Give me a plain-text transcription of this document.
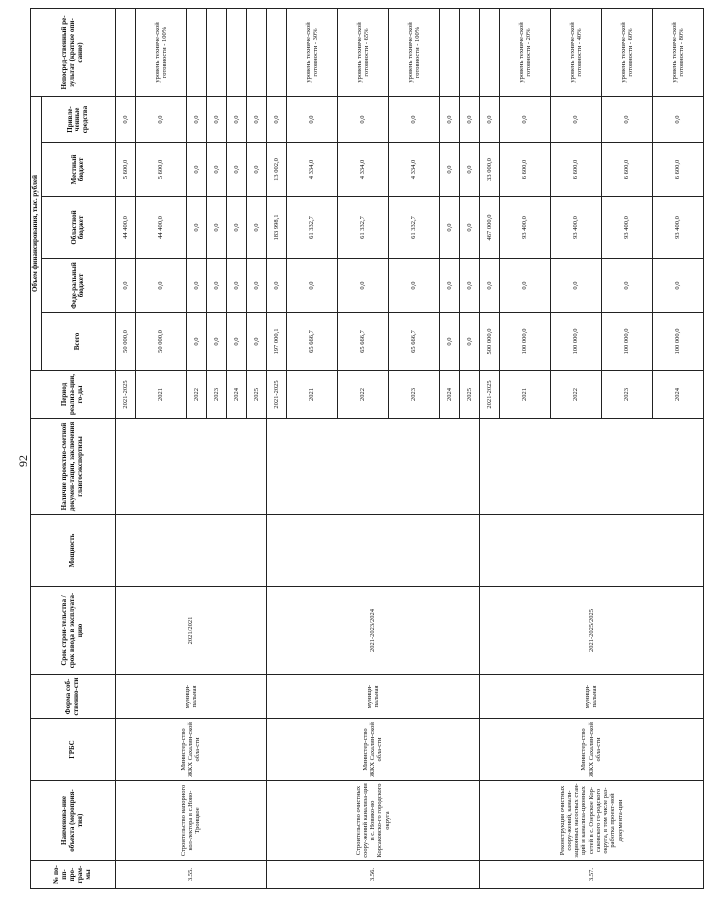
92
№ по-пп-про-грам-мы	Наименова-ние объекта (мероприя-тия)	ГРБС	Форма соб-ственно-сти	Срок строи-тельства / срок ввода в эксплуата-цию	Мощность	Наличие проектно-сметной докумен-тации, заключения главгосэкспертизы	Период реализа-ции, го-ды	Объем финансирования, тыс. рублей					Непосред-ственный ре-зультат (краткое опи-сание)
								Всего	Феде-ральный бюджет	Областной бюджет	Местный бюджет	Привле-ченные средства	
3.55.	Строительство напорного кол-лектора в с.Ново-Троицкое	Министер-ство ЖКХ Сахалин-ской обла-сти	муници-пальная	2021/2021			2021-2025	50 000,0	0,0	44 400,0	5 600,0	0,0	
							2021	50 000,0	0,0	44 400,0	5 600,0	0,0	уровень техниче-ской готовности - 100%
							2022	0,0	0,0	0,0	0,0	0,0	
							2023	0,0	0,0	0,0	0,0	0,0	
							2024	0,0	0,0	0,0	0,0	0,0	
							2025	0,0	0,0	0,0	0,0	0,0	
3.56.	Строительство очистных соору-жений канализа-ции в с. Новико-во Корсаковско-го городского округа	Министер-ство ЖКХ Сахалин-ской обла-сти	муници-пальная	2021-2023/2024			2021-2025	197 000,1	0,0	183 998,1	13 002,0	0,0	
							2021	65 666,7	0,0	61 332,7	4 334,0	0,0	уровень техниче-ской готовности - 30%
							2022	65 666,7	0,0	61 332,7	4 334,0	0,0	уровень техниче-ской готовности - 65%
							2023	65 666,7	0,0	61 332,7	4 334,0	0,0	уровень техниче-ской готовности - 100%
							2024	0,0	0,0	0,0	0,0	0,0	
							2025	0,0	0,0	0,0	0,0	0,0	
3.57.	Реконструкция очистных соору-жений, канали-зационных насосных стан-ций и канализа-ционных сетей в с. Озерское Кор-саковского го-родского округа, в том числе раз-работка проект-ной документа-ции	Министер-ство ЖКХ Сахалин-ской обла-сти	муници-пальная	2021-2025/2025			2021-2025	500 000,0	0,0	467 000,0	33 000,0	0,0	
							2021	100 000,0	0,0	93 400,0	6 600,0	0,0	уровень техниче-ской готовности - 20%
							2022	100 000,0	0,0	93 400,0	6 600,0	0,0	уровень техниче-ской готовности - 40%
							2023	100 000,0	0,0	93 400,0	6 600,0	0,0	уровень техниче-ской готовности - 60%
							2024	100 000,0	0,0	93 400,0	6 600,0	0,0	уровень техниче-ской готовности - 80%
